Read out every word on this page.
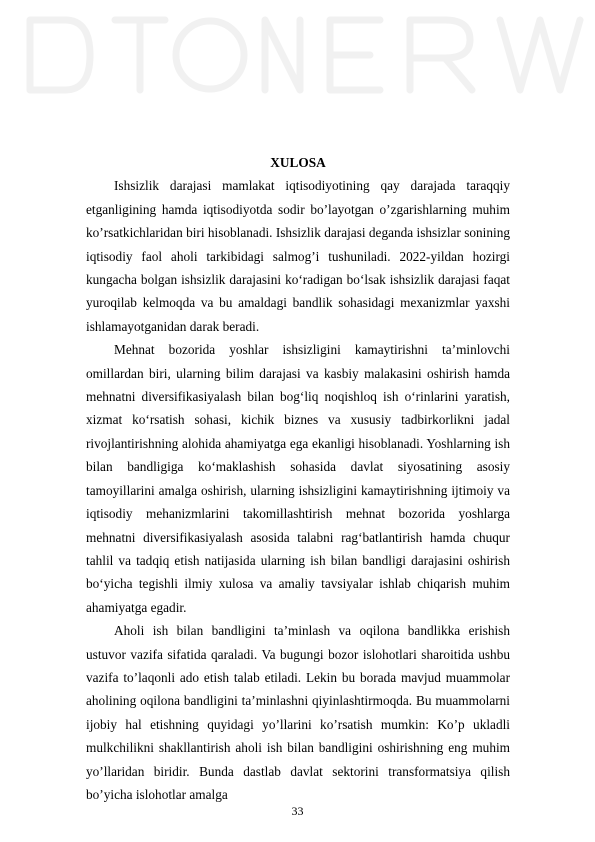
XULOSA

Ishsizlik darajasi mamlakat iqtisodiyotining qay darajada taraqqiy etganligining hamda iqtisodiyotda sodir bo’layotgan o’zgarishlarning muhim ko’rsatkichlaridan biri hisoblanadi. Ishsizlik darajasi deganda ishsizlar sonining iqtisodiy faol aholi tarkibidagi salmog’i tushuniladi. 2022-yildan hozirgi kungacha bolgan ishsizlik darajasini ko‘radigan bo‘lsak ishsizlik darajasi faqat yuroqilab kelmoqda va bu amaldagi bandlik sohasidagi mexanizmlar yaxshi ishlamayotganidan darak beradi.

Mehnat bozorida yoshlar ishsizligini kamaytirishni ta’minlovchi omillardan biri, ularning bilim darajasi va kasbiy malakasini oshirish hamda mehnatni diversifikasiyalash bilan bog‘liq noqishloq ish o‘rinlarini yaratish, xizmat ko‘rsatish sohasi, kichik biznes va xususiy tadbirkorlikni jadal rivojlantirishning alohida ahamiyatga ega ekanligi hisoblanadi. Yoshlarning ish bilan bandligiga ko‘maklashish sohasida davlat siyosatining asosiy tamoyillarini amalga oshirish, ularning ishsizligini kamaytirishning ijtimoiy va iqtisodiy mehanizmlarini takomillashtirish mehnat bozorida yoshlarga mehnatni diversifikasiyalash asosida talabni rag‘batlantirish hamda chuqur tahlil va tadqiq etish natijasida ularning ish bilan bandligi darajasini oshirish bo‘yicha tegishli ilmiy xulosa va amaliy tavsiyalar ishlab chiqarish muhim ahamiyatga egadir.

Aholi ish bilan bandligini ta’minlash va oqilona bandlikka erishish ustuvor vazifa sifatida qaraladi. Va bugungi bozor islohotlari sharoitida ushbu vazifa to’laqonli ado etish talab etiladi. Lekin bu borada mavjud muammolar aholining oqilona bandligini ta’minlashni qiyinlashtirmoqda. Bu muammolarni ijobiy hal etishning quyidagi yo’llarini ko’rsatish mumkin: Ko’p ukladli mulkchilikni shakllantirish aholi ish bilan bandligini oshirishning eng muhim yo’llaridan biridir. Bunda dastlab davlat sektorini transformatsiya qilish bo’yicha islohotlar amalga

33
